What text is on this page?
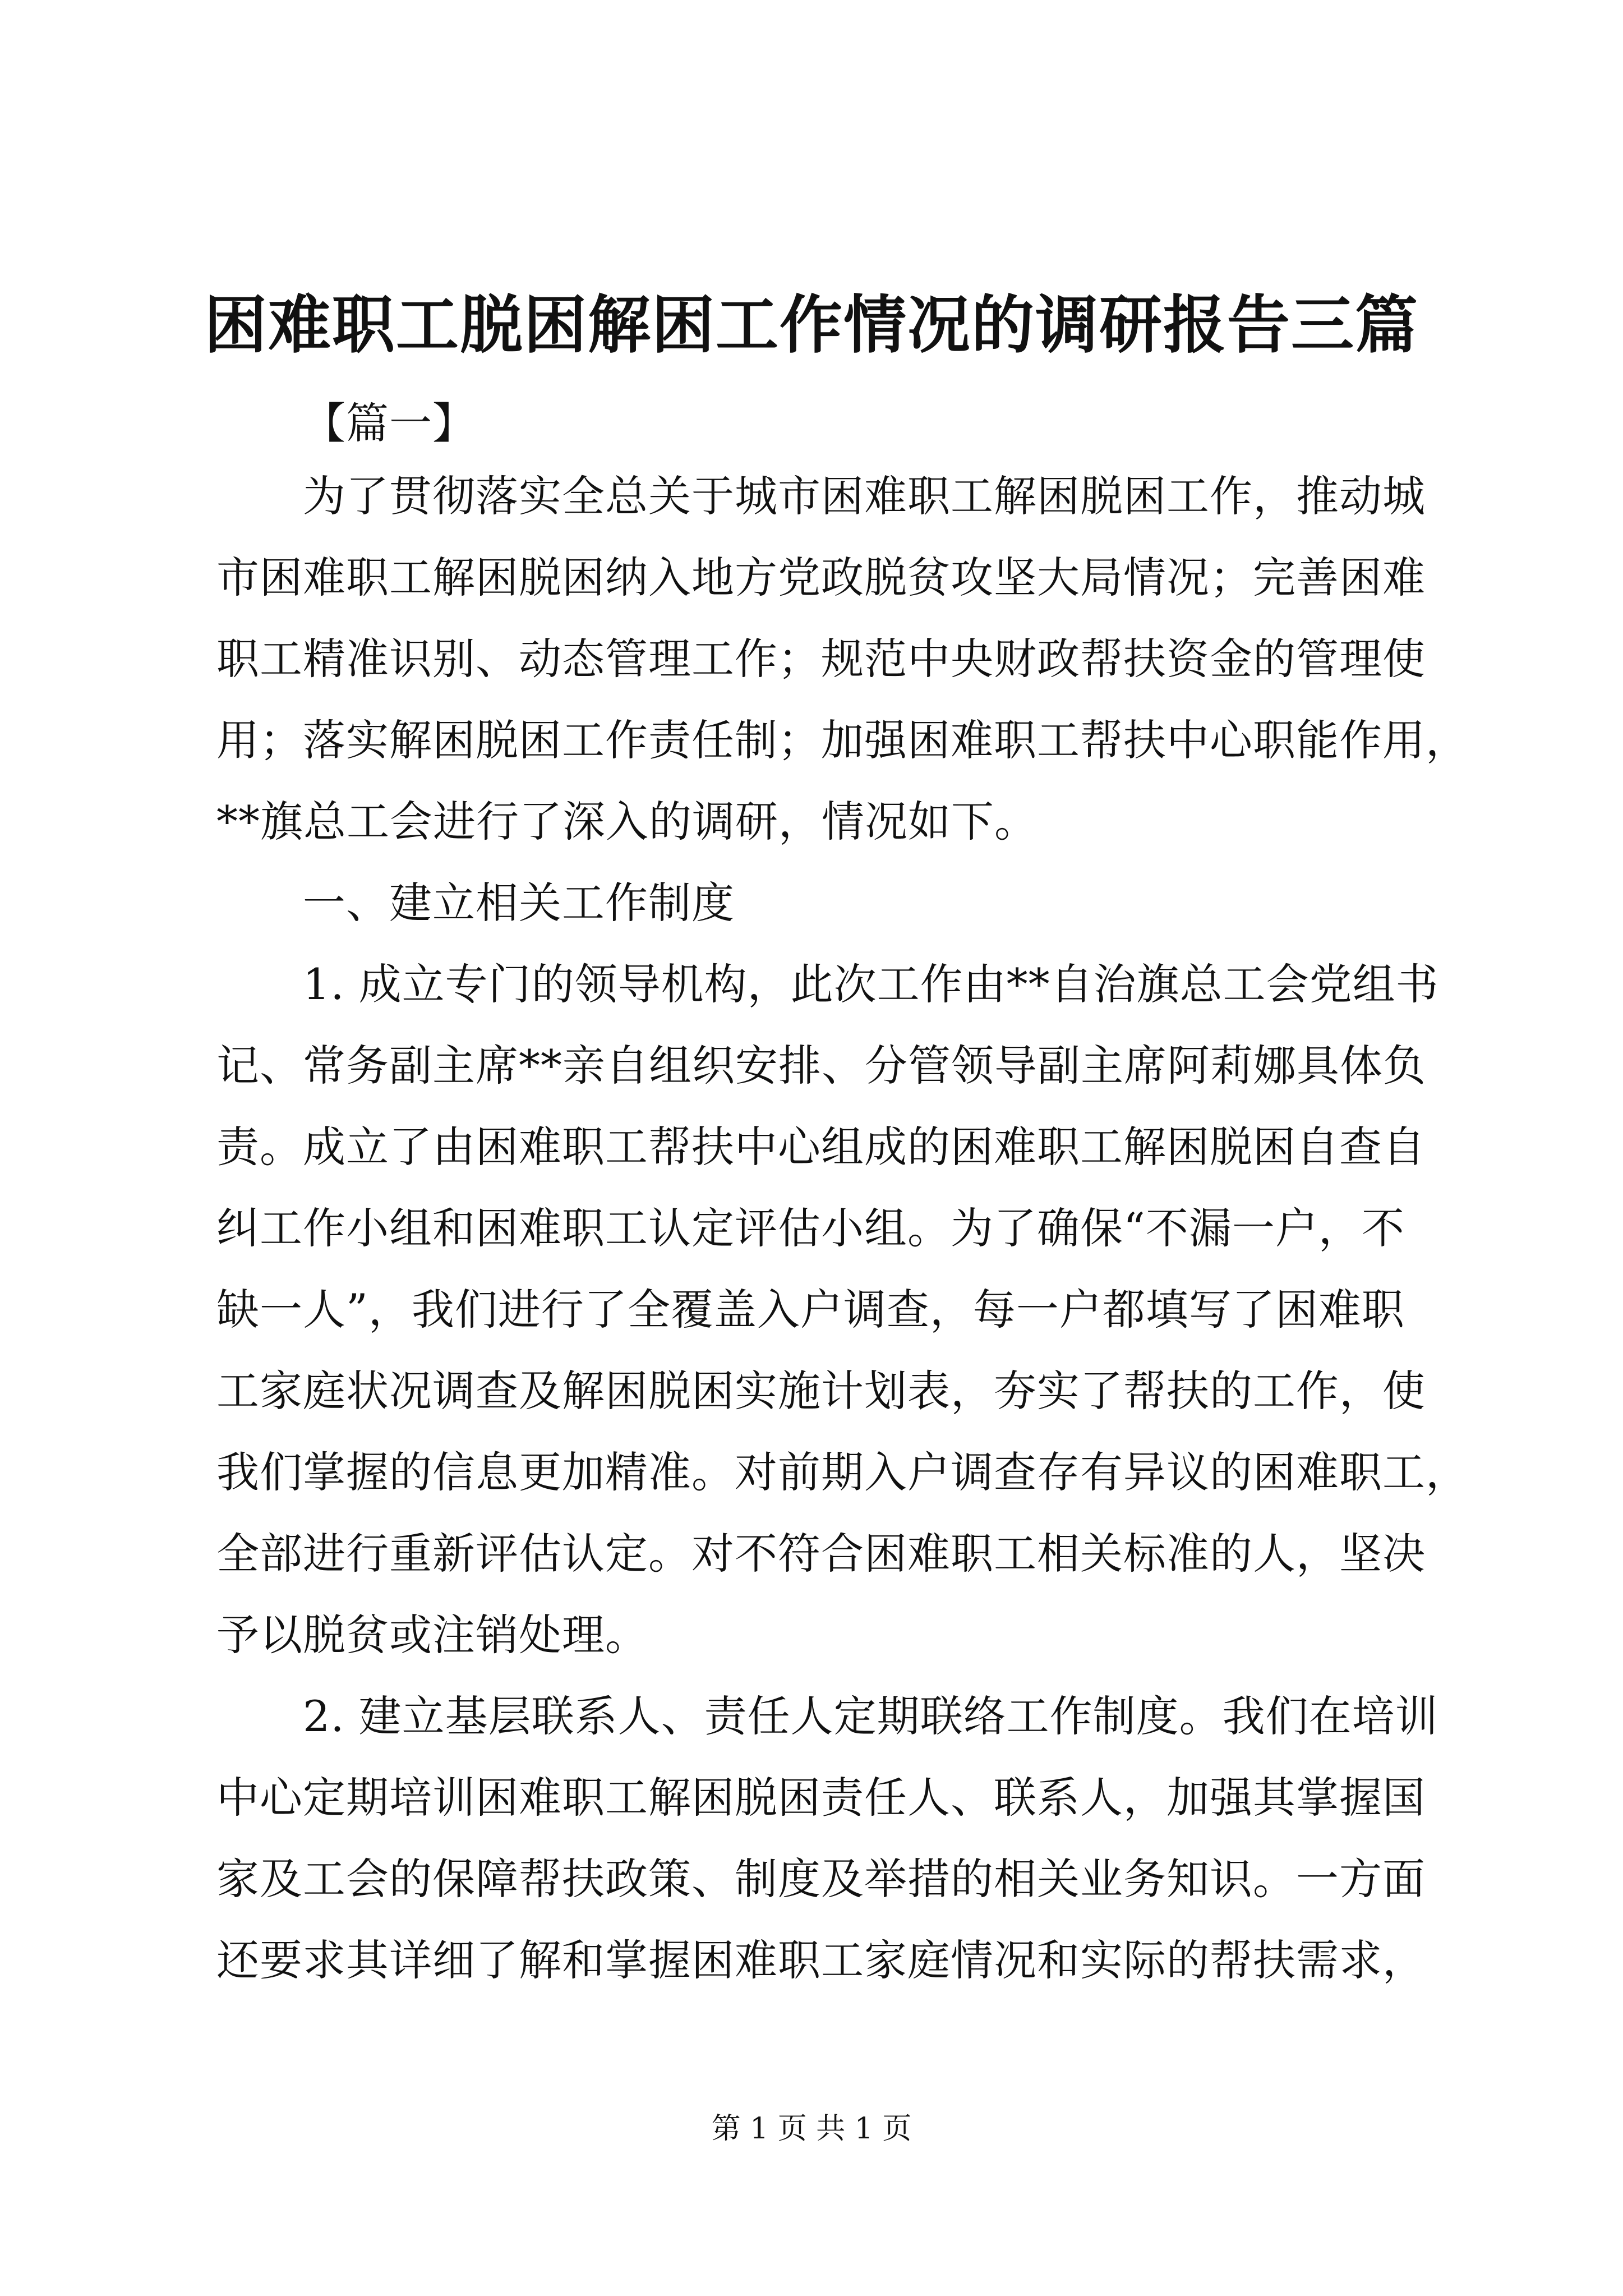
困难职工脱困解困工作情况的调研报告三篇
【篇一】
为了贯彻落实全总关于城市困难职工解困脱困工作，推动城
市困难职工解困脱困纳入地方党政脱贫攻坚大局情况；完善困难
职工精准识别、动态管理工作；规范中央财政帮扶资金的管理使
用；落实解困脱困工作责任制；加强困难职工帮扶中心职能作用，
**旗总工会进行了深入的调研，情况如下。
一、建立相关工作制度
1. 成立专门的领导机构，此次工作由**自治旗总工会党组书
记、常务副主席**亲自组织安排、分管领导副主席阿莉娜具体负
责。成立了由困难职工帮扶中心组成的困难职工解困脱困自查自
纠工作小组和困难职工认定评估小组。为了确保“不漏一户，不
缺一人”，我们进行了全覆盖入户调查，每一户都填写了困难职
工家庭状况调查及解困脱困实施计划表，夯实了帮扶的工作，使
我们掌握的信息更加精准。对前期入户调查存有异议的困难职工，
全部进行重新评估认定。对不符合困难职工相关标准的人，坚决
予以脱贫或注销处理。
2. 建立基层联系人、责任人定期联络工作制度。我们在培训
中心定期培训困难职工解困脱困责任人、联系人，加强其掌握国
家及工会的保障帮扶政策、制度及举措的相关业务知识。一方面
还要求其详细了解和掌握困难职工家庭情况和实际的帮扶需求，
第 1 页 共 1 页
